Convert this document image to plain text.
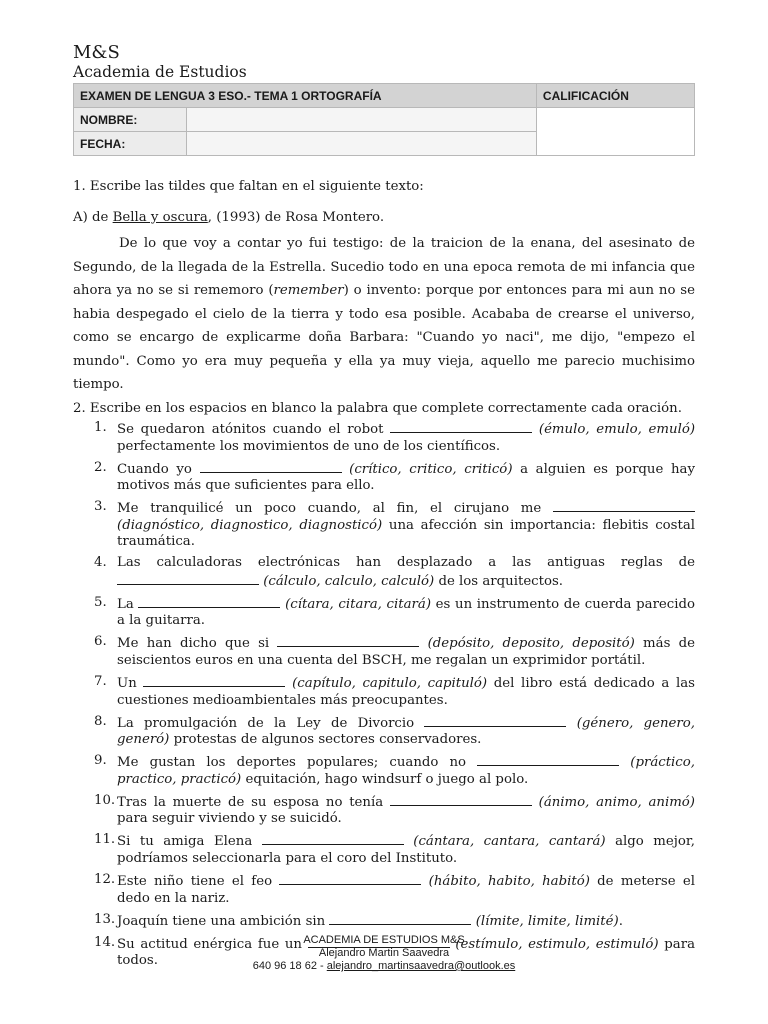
M&S
Academia de Estudios
EXAMEN DE LENGUA 3 ESO.- TEMA 1 ORTOGRAFÍA		CALIFICACIÓN
NOMBRE:		
FECHA:		
1. Escribe las tildes que faltan en el siguiente texto:
A) de Bella y oscura, (1993) de Rosa Montero.

De lo que voy a contar yo fui testigo: de la traicion de la enana, del asesinato de Segundo, de la llegada de la Estrella. Sucedio todo en una epoca remota de mi infancia que ahora ya no se si rememoro (remember) o invento: porque por entonces para mi aun no se habia despegado el cielo de la tierra y todo esa posible. Acababa de crearse el universo, como se encargo de explicarme doña Barbara: "Cuando yo naci", me dijo, "empezo el mundo". Como yo era muy pequeña y ella ya muy vieja, aquello me parecio muchisimo tiempo.

2. Escribe en los espacios en blanco la palabra que complete correctamente cada oración.
1. Se quedaron atónitos cuando el robot	(émulo, emulo, emuló) perfectamente los movimientos de uno de los científicos.
2. Cuando yo	(crítico, critico, criticó) a alguien es porque hay motivos más que suficientes para ello.
3. Me tranquilicé un poco cuando, al fin, el cirujano me  (diagnóstico, diagnostico, diagnosticó) una afección sin importancia: flebitis costal traumática.
4. Las calculadoras electrónicas han desplazado a las antiguas reglas de  (cálculo, calculo, calculó) de los arquitectos.
5. La	(cítara, citara, citará) es un instrumento de cuerda parecido a la guitarra.
6. Me han dicho que si	(depósito, deposito, depositó) más de seiscientos euros en una cuenta del BSCH, me regalan un exprimidor portátil.
7. Un	(capítulo, capitulo, capituló) del libro está dedicado a las cuestiones medioambientales más preocupantes.
8. La promulgación de la Ley de Divorcio	(género, genero, generó) protestas de algunos sectores conservadores.
9. Me gustan los deportes populares; cuando no	(práctico, practico, practicó) equitación, hago windsurf o juego al polo.
10. Tras la muerte de su esposa no tenía	(ánimo, animo, animó) para seguir viviendo y se suicidó.
11. Si tu amiga Elena	(cántara, cantara, cantará) algo mejor, podríamos seleccionarla para el coro del Instituto.
12. Este niño tiene el feo	(hábito, habito, habitó) de meterse el dedo en la nariz.
13. Joaquín tiene una ambición sin	(límite, limite, limité).
14. Su actitud enérgica fue un	(estímulo, estimulo, estimuló) para todos.
ACADEMIA DE ESTUDIOS M&S
Alejandro Martin Saavedra
640 96 18 62 - alejandro_martinsaavedra@outlook.es
